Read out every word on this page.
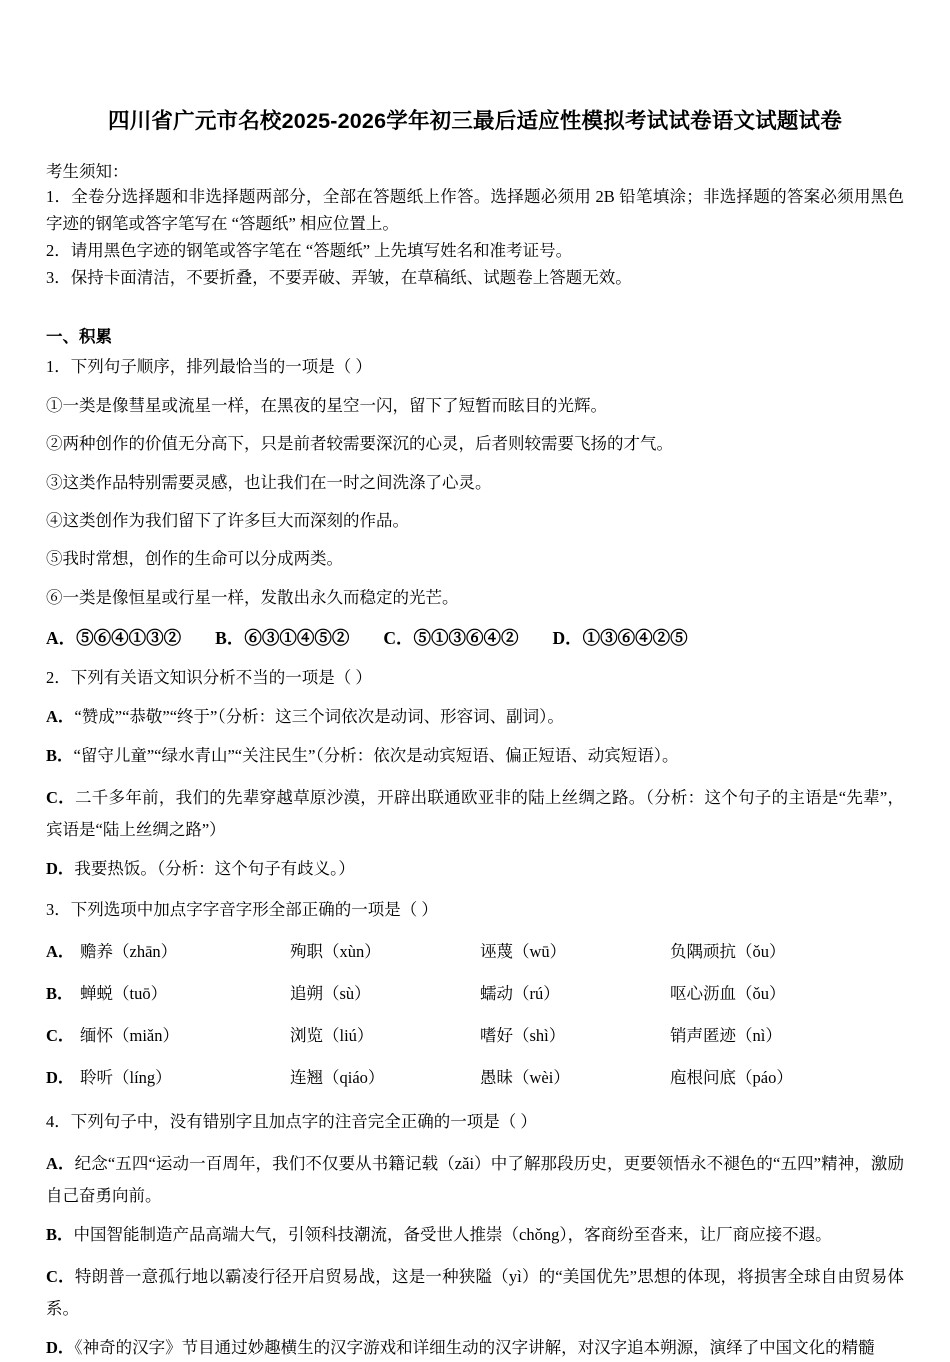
四川省广元市名校2025-2026学年初三最后适应性模拟考试试卷语文试题试卷
考生须知：
1．全卷分选择题和非选择题两部分，全部在答题纸上作答。选择题必须用 2B 铅笔填涂；非选择题的答案必须用黑色字迹的钢笔或答字笔写在 “答题纸” 相应位置上。
2．请用黑色字迹的钢笔或答字笔在 “答题纸” 上先填写姓名和准考证号。
3．保持卡面清洁，不要折叠，不要弄破、弄皱，在草稿纸、试题卷上答题无效。
一、积累
1．下列句子顺序，排列最恰当的一项是（ ）
①一类是像彗星或流星一样，在黑夜的星空一闪，留下了短暂而眩目的光辉。
②两种创作的价值无分高下，只是前者较需要深沉的心灵，后者则较需要飞扬的才气。
③这类作品特别需要灵感，也让我们在一时之间洗涤了心灵。
④这类创作为我们留下了许多巨大而深刻的作品。
⑤我时常想，创作的生命可以分成两类。
⑥一类是像恒星或行星一样，发散出永久而稳定的光芒。
A．⑤⑥④①③② B．⑥③①④⑤② C．⑤①③⑥④② D．①③⑥④②⑤
2．下列有关语文知识分析不当的一项是（ ）
A．“赞成”“恭敬”“终于”（分析：这三个词依次是动词、形容词、副词）。
B．“留守儿童”“绿水青山”“关注民生”（分析：依次是动宾短语、偏正短语、动宾短语）。
C．二千多年前，我们的先辈穿越草原沙漠，开辟出联通欧亚非的陆上丝绸之路。（分析：这个句子的主语是“先辈”，宾语是“陆上丝绸之路”）
D．我要热饭。（分析：这个句子有歧义。）
3．下列选项中加点字字音字形全部正确的一项是（ ）
A．	赡养（zhān）	殉职（xùn）	诬蔑（wū）	负隅顽抗（ǒu）
B．	蝉蜕（tuō）	追朔（sù）	蠕动（rú）	呕心沥血（ǒu）
C．	缅怀（miǎn）	浏览（liú）	嗜好（shì）	销声匿迹（nì）
D．	聆听（líng）	连翘（qiáo）	愚昧（wèi）	庖根问底（páo）
4．下列句子中，没有错别字且加点字的注音完全正确的一项是（ ）
A．纪念“五四“运动一百周年，我们不仅要从书籍记载（zǎi）中了解那段历史，更要领悟永不褪色的“五四”精神，激励自己奋勇向前。
B．中国智能制造产品高端大气，引领科技潮流，备受世人推崇（chǒng），客商纷至沓来，让厂商应接不遐。
C．特朗普一意孤行地以霸凌行径开启贸易战，这是一种狭隘（yì）的“美国优先”思想的体现，将损害全球自由贸易体系。
D．《神奇的汉字》节目通过妙趣横生的汉字游戏和详细生动的汉字讲解，对汉字追本朔源，演绎了中国文化的精髓
